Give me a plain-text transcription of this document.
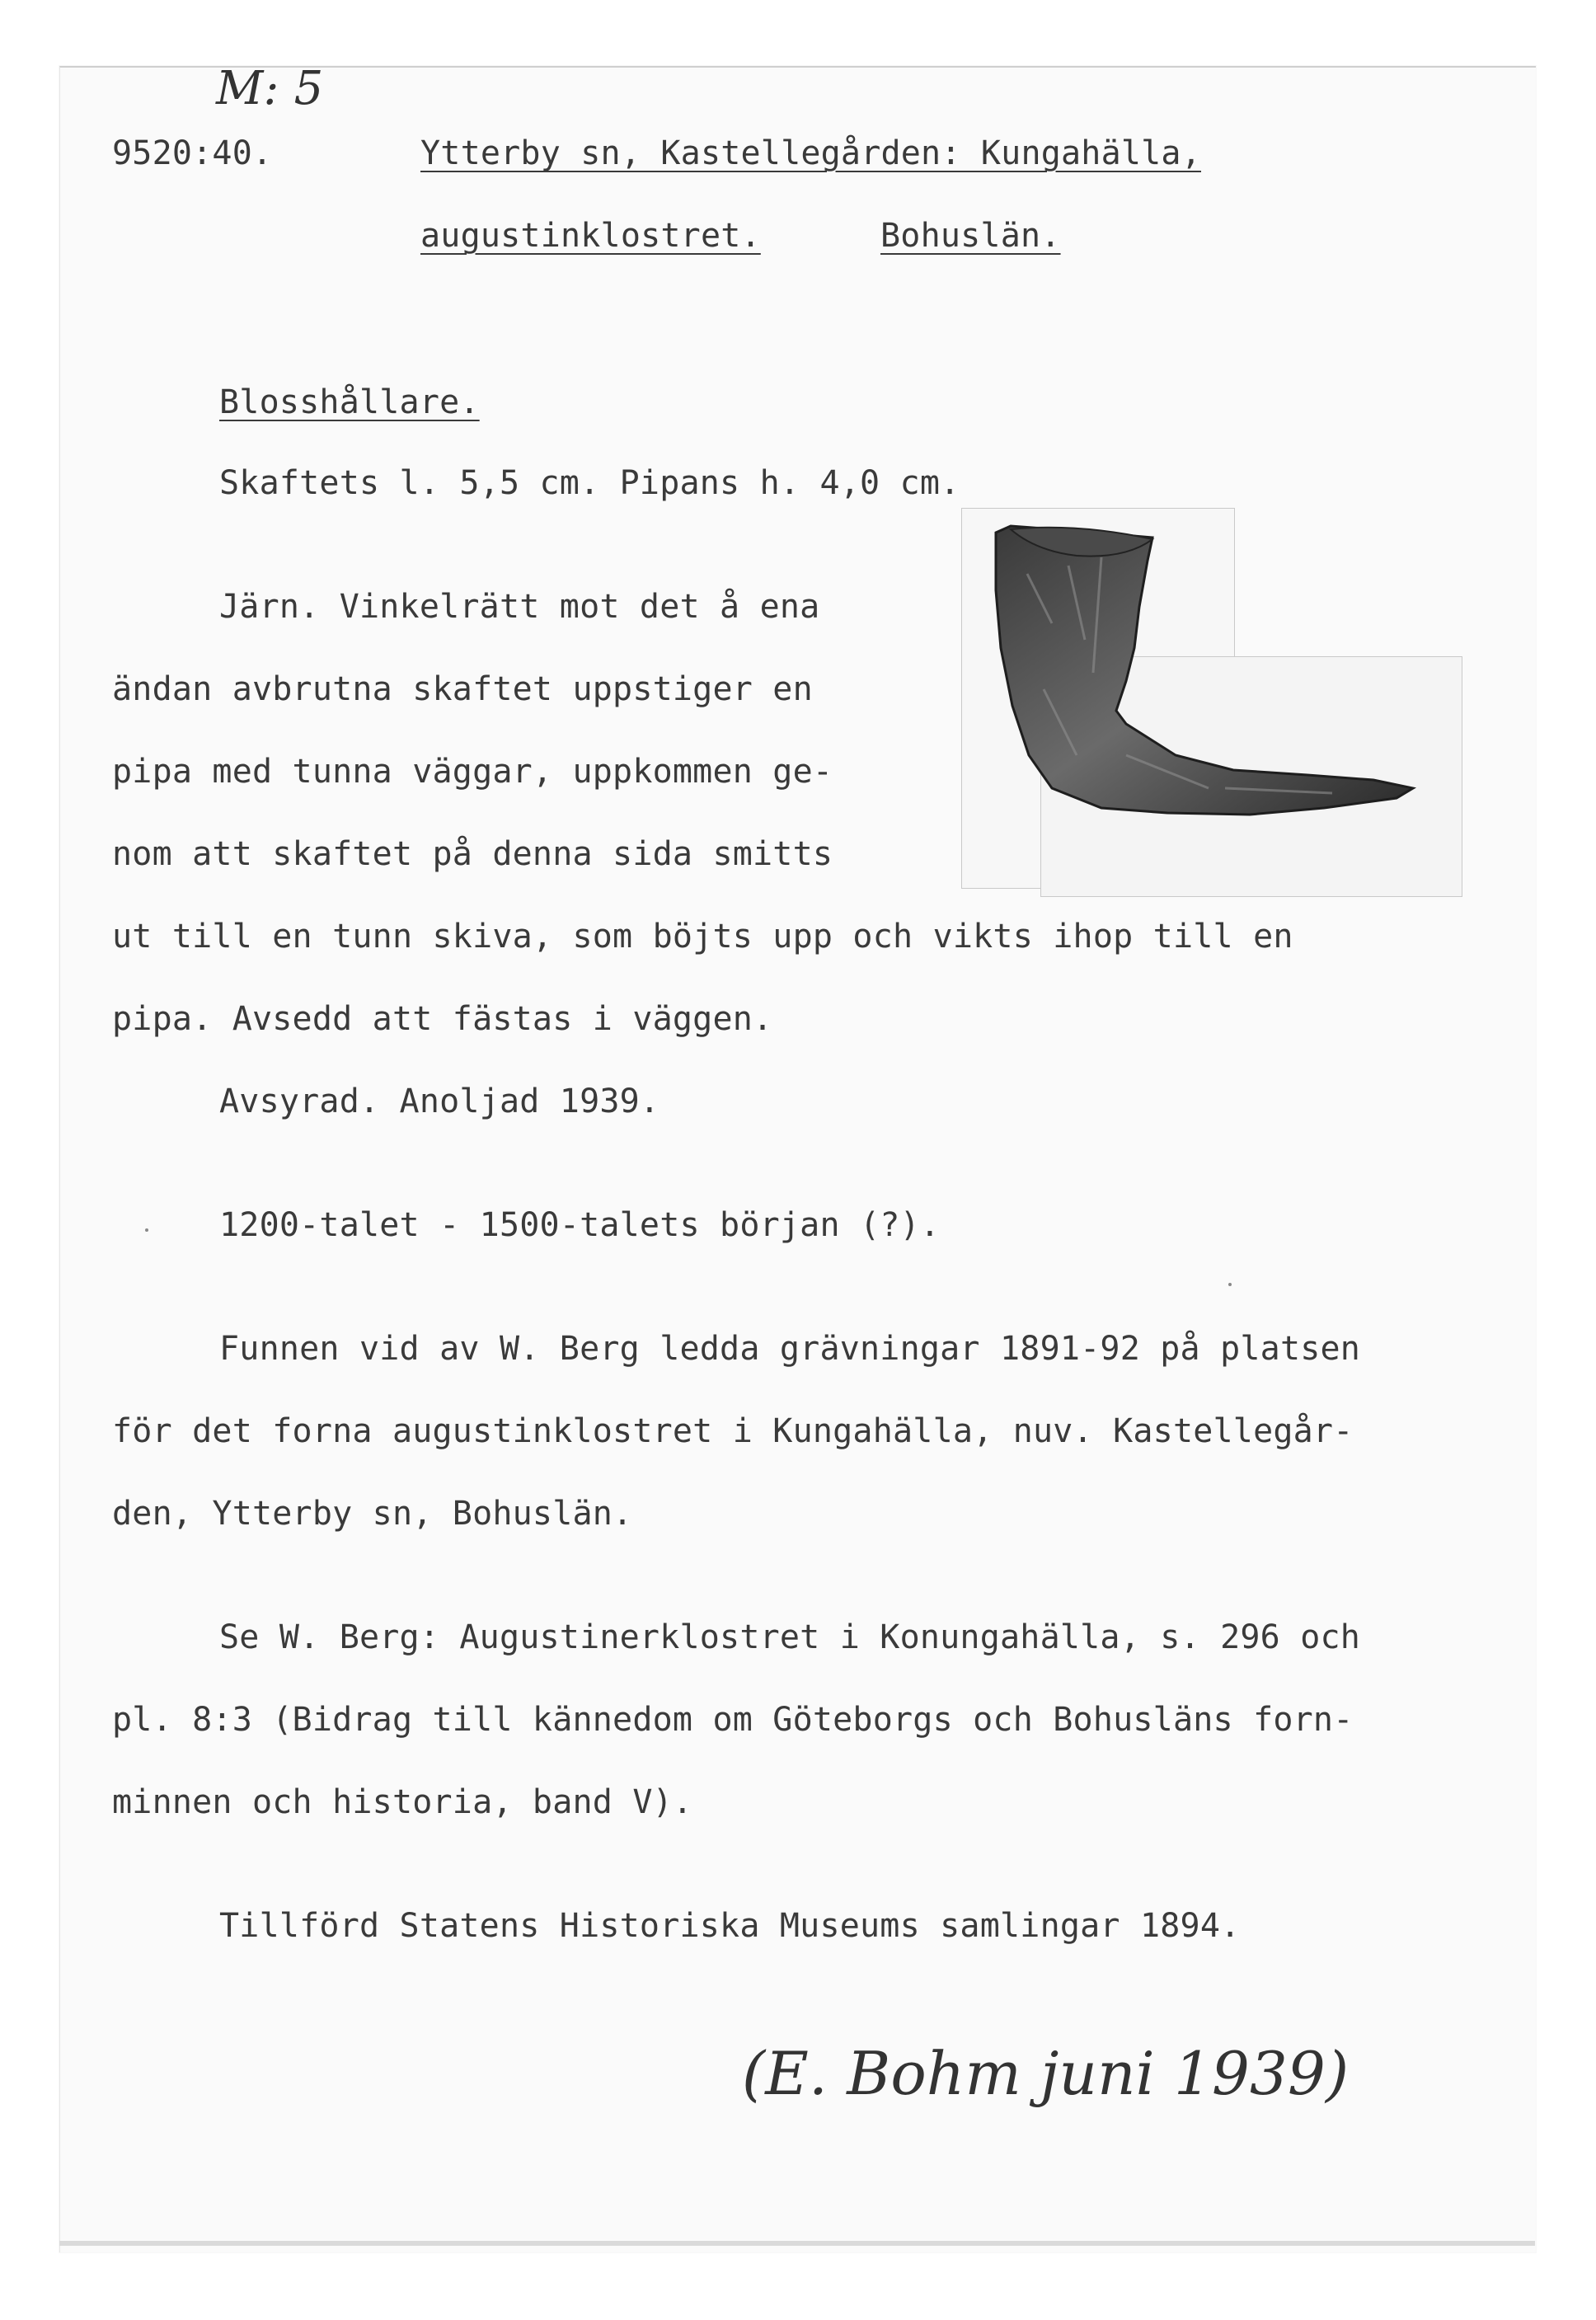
M: 5
9520:40.	Ytterby sn, Kastellegården: Kungahälla,
augustinklostret.	Bohuslän.
Blosshållare.
Skaftets l. 5,5 cm. Pipans h. 4,0 cm.
Järn. Vinkelrätt mot det å ena
ändan avbrutna skaftet uppstiger en
pipa med tunna väggar, uppkommen ge-
nom att skaftet på denna sida smitts
ut till en tunn skiva, som böjts upp och vikts ihop till en
pipa. Avsedd att fästas i väggen.
Avsyrad. Anoljad 1939.
1200-talet - 1500-talets början (?).
Funnen vid av W. Berg ledda grävningar 1891-92 på platsen
för det forna augustinklostret i Kungahälla, nuv. Kastellegår-
den, Ytterby sn, Bohuslän.
Se W. Berg: Augustinerklostret i Konungahälla, s. 296 och
pl. 8:3 (Bidrag till kännedom om Göteborgs och Bohusläns forn-
minnen och historia, band V).
Tillförd Statens Historiska Museums samlingar 1894.
(E. Bohm juni 1939)
